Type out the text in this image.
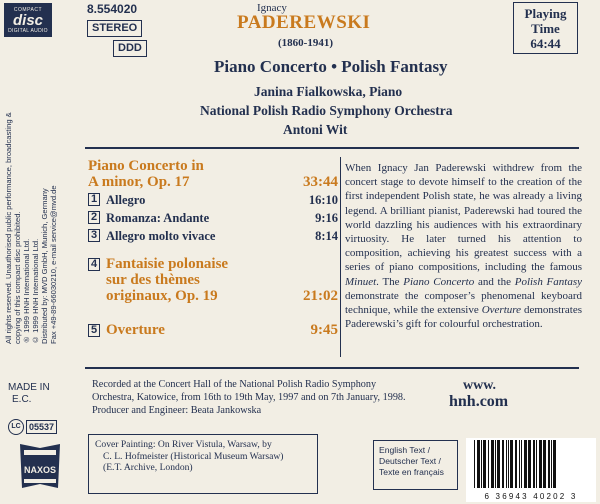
COMPACT
disc
DIGITAL AUDIO
All rights reserved. Unauthorised public performance, broadcasting & copying of this compact disc prohibited. ℗ 1999 HNH International Ltd. © 1999 HNH International Ltd. Distributed by: MVD GmbH, Munich, Germany Fax +49-89-66030210, e-mail service@mvd.de
8.554020
STEREO
DDD
Playing
Time
64:44
Ignacy
PADEREWSKI
(1860-1941)
Piano Concerto • Polish Fantasy
Janina Fialkowska, Piano
National Polish Radio Symphony Orchestra
Antoni Wit
Piano Concerto in
A minor, Op. 17	33:44
1 Allegro	16:10
2 Romanza: Andante	9:16
3 Allegro molto vivace	8:14
4 Fantaisie polonaise
sur des thèmes
originaux, Op. 19	21:02
5 Overture	9:45
When Ignacy Jan Paderewski withdrew from the concert stage to devote himself to the creation of the first independent Polish state, he was already a living legend. A brilliant pianist, Paderewski had toured the world dazzling his audiences with his extraordinary virtuosity. He later turned his attention to composition, achieving his greatest success with a series of piano compositions, including the famous Minuet. The Piano Concerto and the Polish Fantasy demonstrate the composer’s phenomenal keyboard technique, while the extensive Overture demonstrates Paderewski’s gift for colourful orchestration.
MADE IN
E.C.
LC 05537
NAXOS
Recorded at the Concert Hall of the National Polish Radio Symphony
Orchestra, Katowice, from 16th to 19th May, 1997 and on 7th January, 1998.
Producer and Engineer: Beata Jankowska
www.
hnh.com
Cover Painting: On River Vistula, Warsaw, by
C. L. Hofmeister (Historical Museum Warsaw)
(E.T. Archive, London)
English Text /
Deutscher Text /
Texte en français
6 36943 40202 3
